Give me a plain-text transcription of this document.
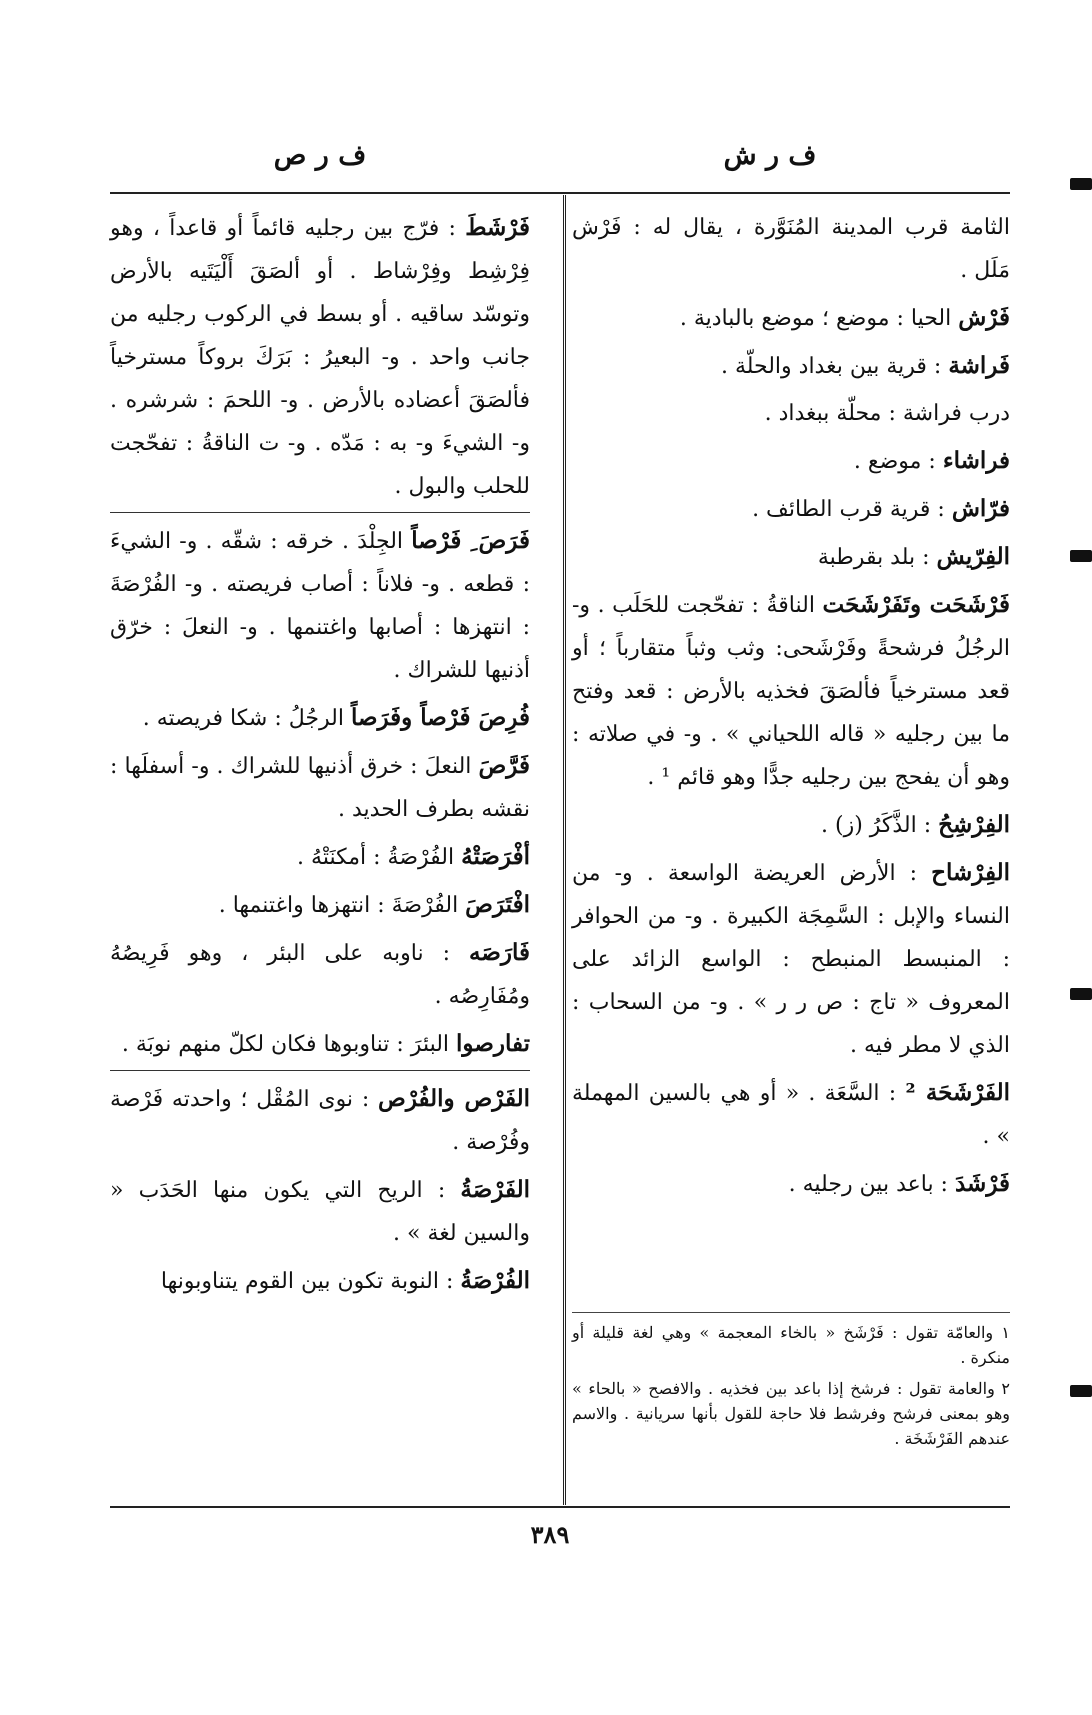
ف ر ش
ف ر ص
الثامة قرب المدينة المُنَوَّرة ، يقال له : فَرْش مَلَل .
فَرْش الحيا : موضع ؛ موضع بالبادية .
فَراشة : قرية بين بغداد والحلّة .
درب فراشة : محلّة ببغداد .
فراشاء : موضع .
فرّاش : قرية قرب الطائف .
الفِرّيش : بلد بقرطبة
فَرْشَحَت وتَفَرْشَحَت الناقةُ : تفحّجت للحَلَب . و- الرجُلُ فرشحةً وفَرْشَحى: وثب وثباً متقارباً ؛ أو قعد مسترخياً فألصَقَ فخذيه بالأرض : قعد وفتح ما بين رجليه « قاله اللحياني » . و- في صلاته : وهو أن يفحج بين رجليه جدًّا وهو قائم ¹ .
الفِرْشِحُ : الذَّكَرُ (ز) .
الفِرْشاح : الأرض العريضة الواسعة . و- من النساء والإبل : السَّمِجَة الكبيرة . و- من الحوافر : المنبسط المنبطح : الواسع الزائد على المعروف « تاج : ص ر ر » . و- من السحاب : الذي لا مطر فيه .
الفَرْشَحَة ² : السَّعَة . « أو هي بالسين المهملة » .
فَرْشَدَ : باعد بين رجليه .
١ والعامّة تقول : فَرْشَخ « بالخاء المعجمة » وهي لغة قليلة أو منكرة .
٢ والعامة تقول : فرشخ إذا باعد بين فخذيه . والافصح « بالحاء » وهو بمعنى فرشح وفرشط فلا حاجة للقول بأنها سريانية . والاسم عندهم الفَرْشَخَة .
فَرْشَطَ : فرّج بين رجليه قائماً أو قاعداً ، وهو فِرْشِط وفِرْشاط . أو ألصَقَ أَلْيَتَيه بالأرض وتوسّد ساقيه . أو بسط في الركوب رجليه من جانب واحد . و- البعيرُ : بَرَكَ بروكاً مسترخياً فألصَقَ أعضاده بالأرض . و- اللحمَ : شرشره . و- الشيءَ و- به : مَدّه . و- ت الناقةُ : تفحّجت للحلب والبول .
فَرَصَ ِ فَرْصاً الجِلْدَ . خرقه : شقّه . و- الشيءَ : قطعه . و- فلاناً : أصاب فريصته . و- الفُرْصَةَ : انتهزها : أصابها واغتنمها . و- النعلَ : خرّق أذنيها للشراك .
فُرِصَ فَرْصاً وفَرَصاً الرجُلُ : شكا فريصته .
فَرَّصَ النعلَ : خرق أذنيها للشراك . و- أسفلَها : نقشه بطرف الحديد .
أفْرَصَتْهُ الفُرْصَةُ : أمكنَتْهُ .
افْتَرَصَ الفُرْصَةَ : انتهزها واغتنمها .
فَارَصَه : ناوبه على البئر ، وهو فَرِيصُهُ ومُفَارِصُه .
تفارصوا البئرَ : تناوبوها فكان لكلّ منهم نوبَة .
الفَرْص والفُرْص : نوى المُقْل ؛ واحدته فَرْصة وفُرْصة .
الفَرْصَةُ : الريح التي يكون منها الحَدَب « والسين لغة » .
الفُرْصَةُ : النوبة تكون بين القوم يتناوبونها
٣٨٩
